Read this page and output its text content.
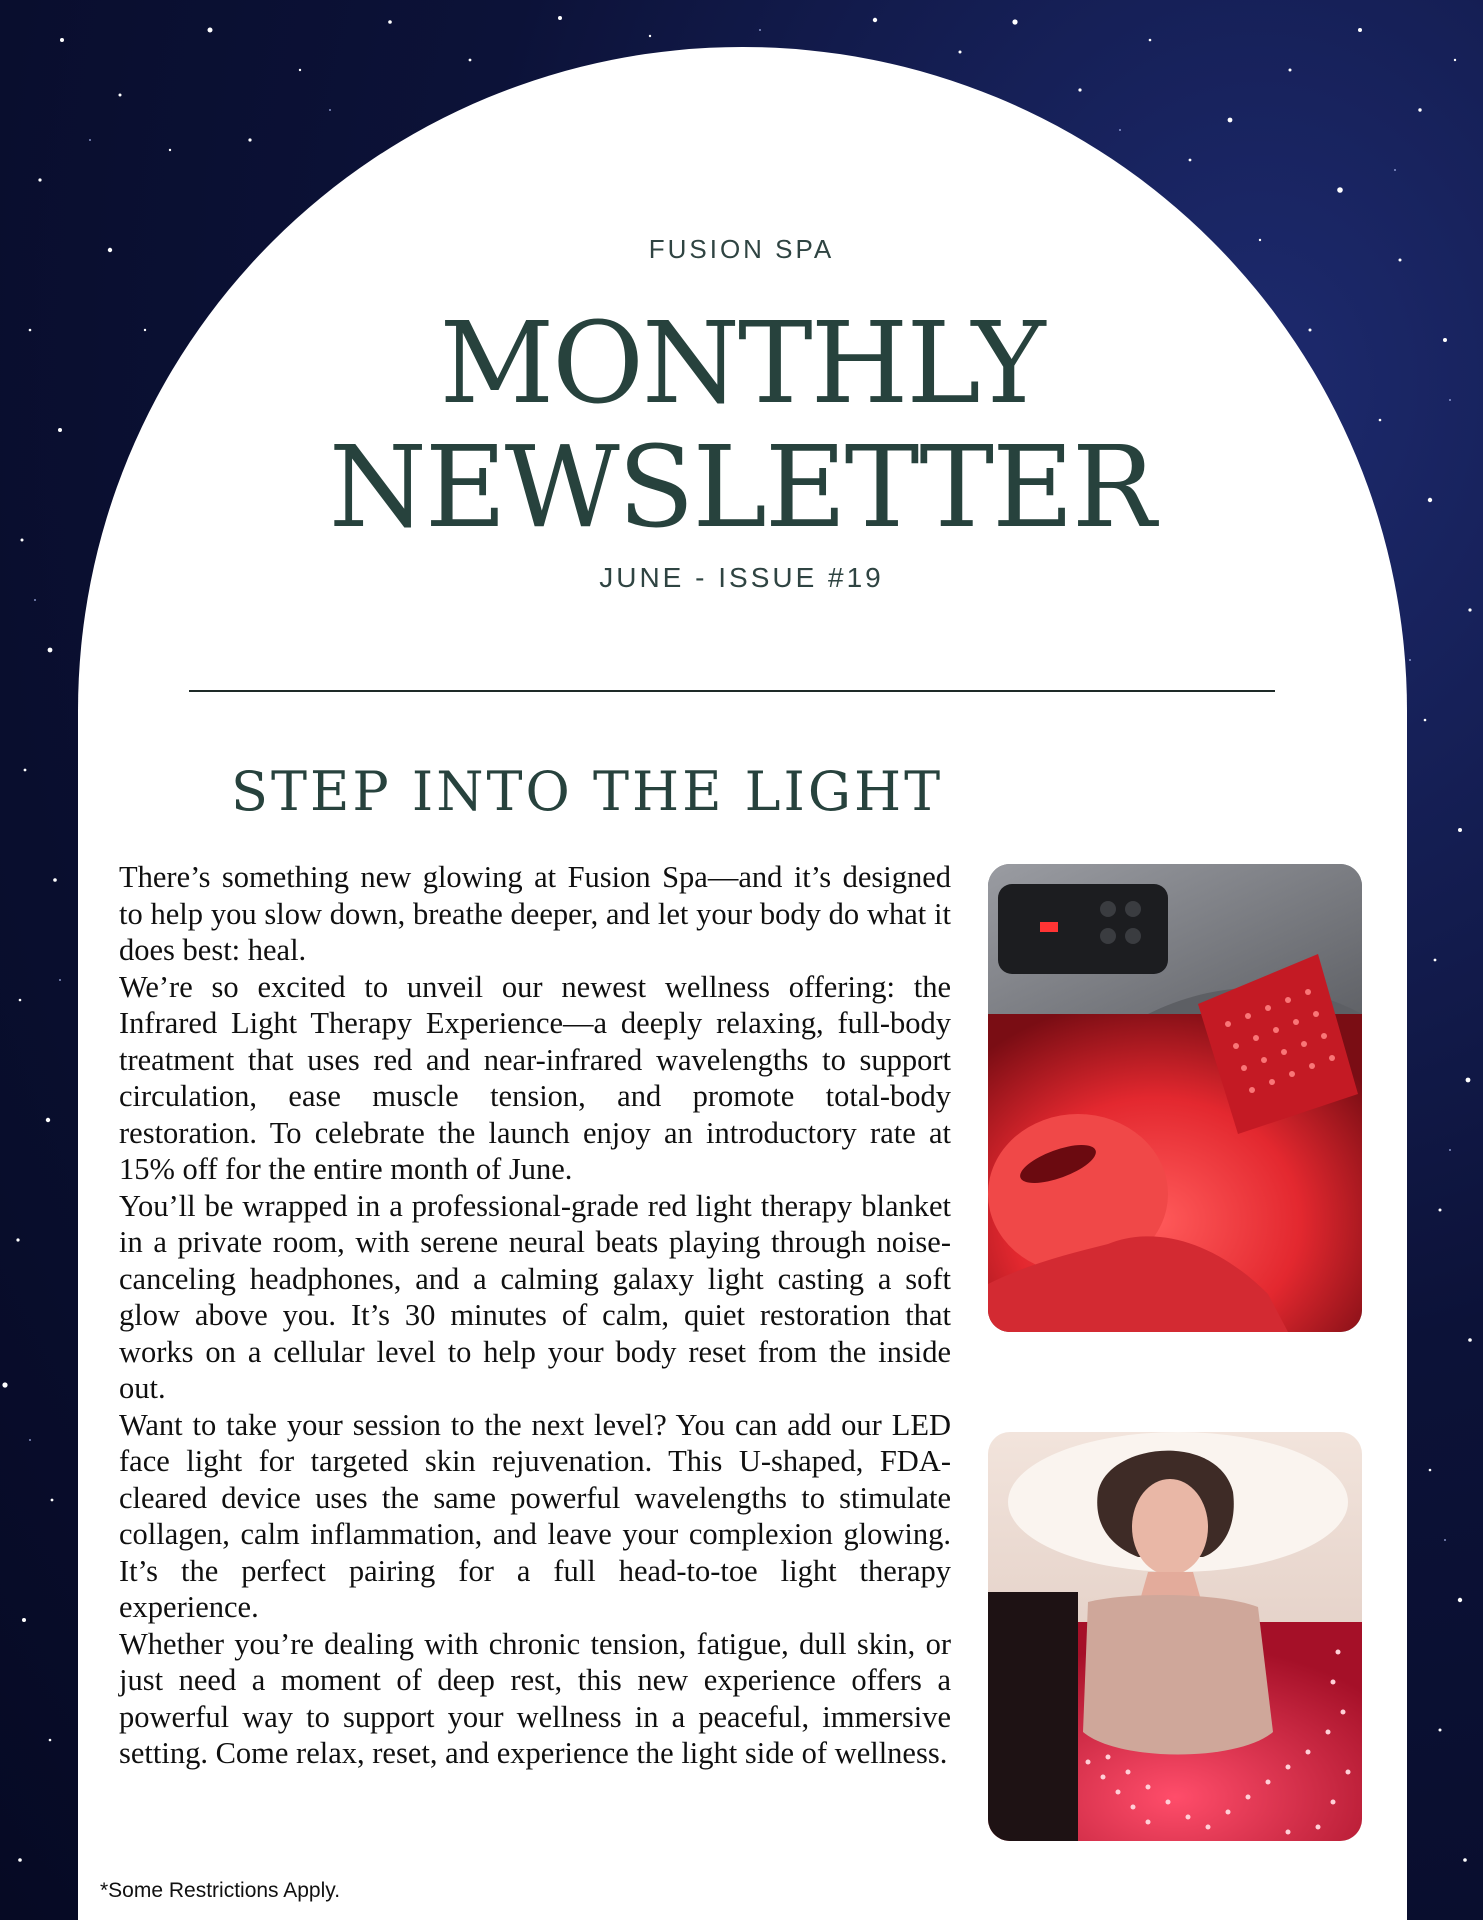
FUSION SPA
MONTHLY
NEWSLETTER
JUNE - ISSUE #19
STEP INTO THE LIGHT

There’s something new glowing at Fusion Spa—and it’s designed to help you slow down, breathe deeper, and let your body do what it does best: heal.

We’re so excited to unveil our newest wellness offering: the Infrared Light Therapy Experience—a deeply relaxing, full-body treatment that uses red and near-infrared wavelengths to support circulation, ease muscle tension, and promote total-body restoration. To celebrate the launch enjoy an introductory rate at 15% off for the entire month of June.

You’ll be wrapped in a professional-grade red light therapy blanket in a private room, with serene neural beats playing through noise-canceling headphones, and a calming galaxy light casting a soft glow above you. It’s 30 minutes of calm, quiet restoration that works on a cellular level to help your body reset from the inside out.

Want to take your session to the next level? You can add our LED face light for targeted skin rejuvenation. This U-shaped, FDA-cleared device uses the same powerful wavelengths to stimulate collagen, calm inflammation, and leave your complexion glowing. It’s the perfect pairing for a full head-to-toe light therapy experience.

Whether you’re dealing with chronic tension, fatigue, dull skin, or just need a moment of deep rest, this new experience offers a powerful way to support your wellness in a peaceful, immersive setting. Come relax, reset, and experience the light side of wellness.

*Some Restrictions Apply.
